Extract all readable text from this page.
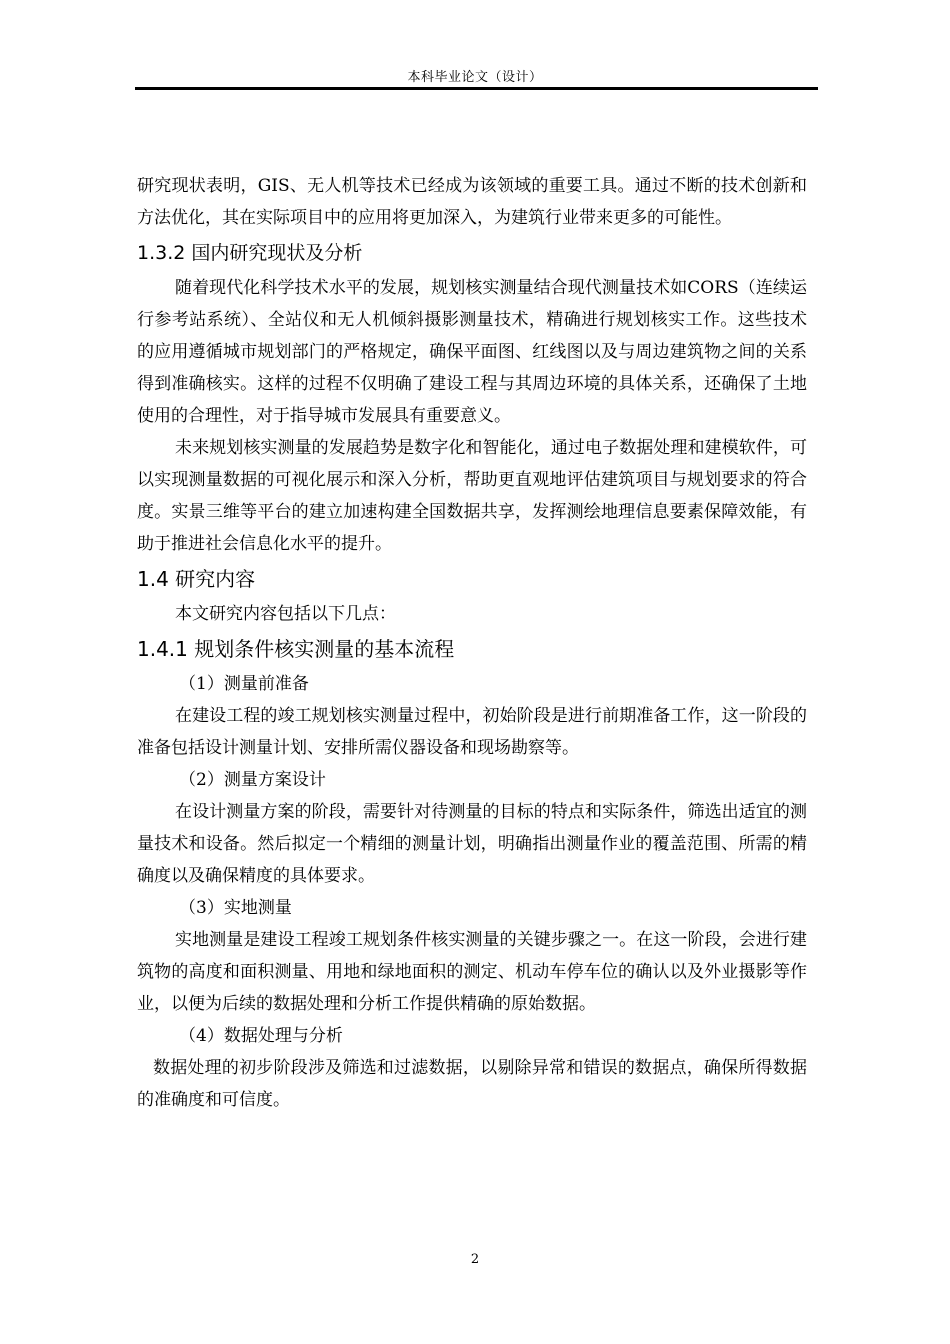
本科毕业论文（设计）

研究现状表明，GIS、无人机等技术已经成为该领域的重要工具。通过不断的技术创新和方法优化，其在实际项目中的应用将更加深入，为建筑行业带来更多的可能性。

1.3.2 国内研究现状及分析

随着现代化科学技术水平的发展，规划核实测量结合现代测量技术如CORS（连续运行参考站系统）、全站仪和无人机倾斜摄影测量技术，精确进行规划核实工作。这些技术的应用遵循城市规划部门的严格规定，确保平面图、红线图以及与周边建筑物之间的关系得到准确核实。这样的过程不仅明确了建设工程与其周边环境的具体关系，还确保了土地使用的合理性，对于指导城市发展具有重要意义。

未来规划核实测量的发展趋势是数字化和智能化，通过电子数据处理和建模软件，可以实现测量数据的可视化展示和深入分析，帮助更直观地评估建筑项目与规划要求的符合度。实景三维等平台的建立加速构建全国数据共享，发挥测绘地理信息要素保障效能，有助于推进社会信息化水平的提升。

1.4 研究内容

本文研究内容包括以下几点：

1.4.1 规划条件核实测量的基本流程

（1）测量前准备

在建设工程的竣工规划核实测量过程中，初始阶段是进行前期准备工作，这一阶段的准备包括设计测量计划、安排所需仪器设备和现场勘察等。

（2）测量方案设计

在设计测量方案的阶段，需要针对待测量的目标的特点和实际条件，筛选出适宜的测量技术和设备。然后拟定一个精细的测量计划，明确指出测量作业的覆盖范围、所需的精确度以及确保精度的具体要求。

（3）实地测量

实地测量是建设工程竣工规划条件核实测量的关键步骤之一。在这一阶段，会进行建筑物的高度和面积测量、用地和绿地面积的测定、机动车停车位的确认以及外业摄影等作业，以便为后续的数据处理和分析工作提供精确的原始数据。

（4）数据处理与分析

数据处理的初步阶段涉及筛选和过滤数据，以剔除异常和错误的数据点，确保所得数据的准确度和可信度。

2
